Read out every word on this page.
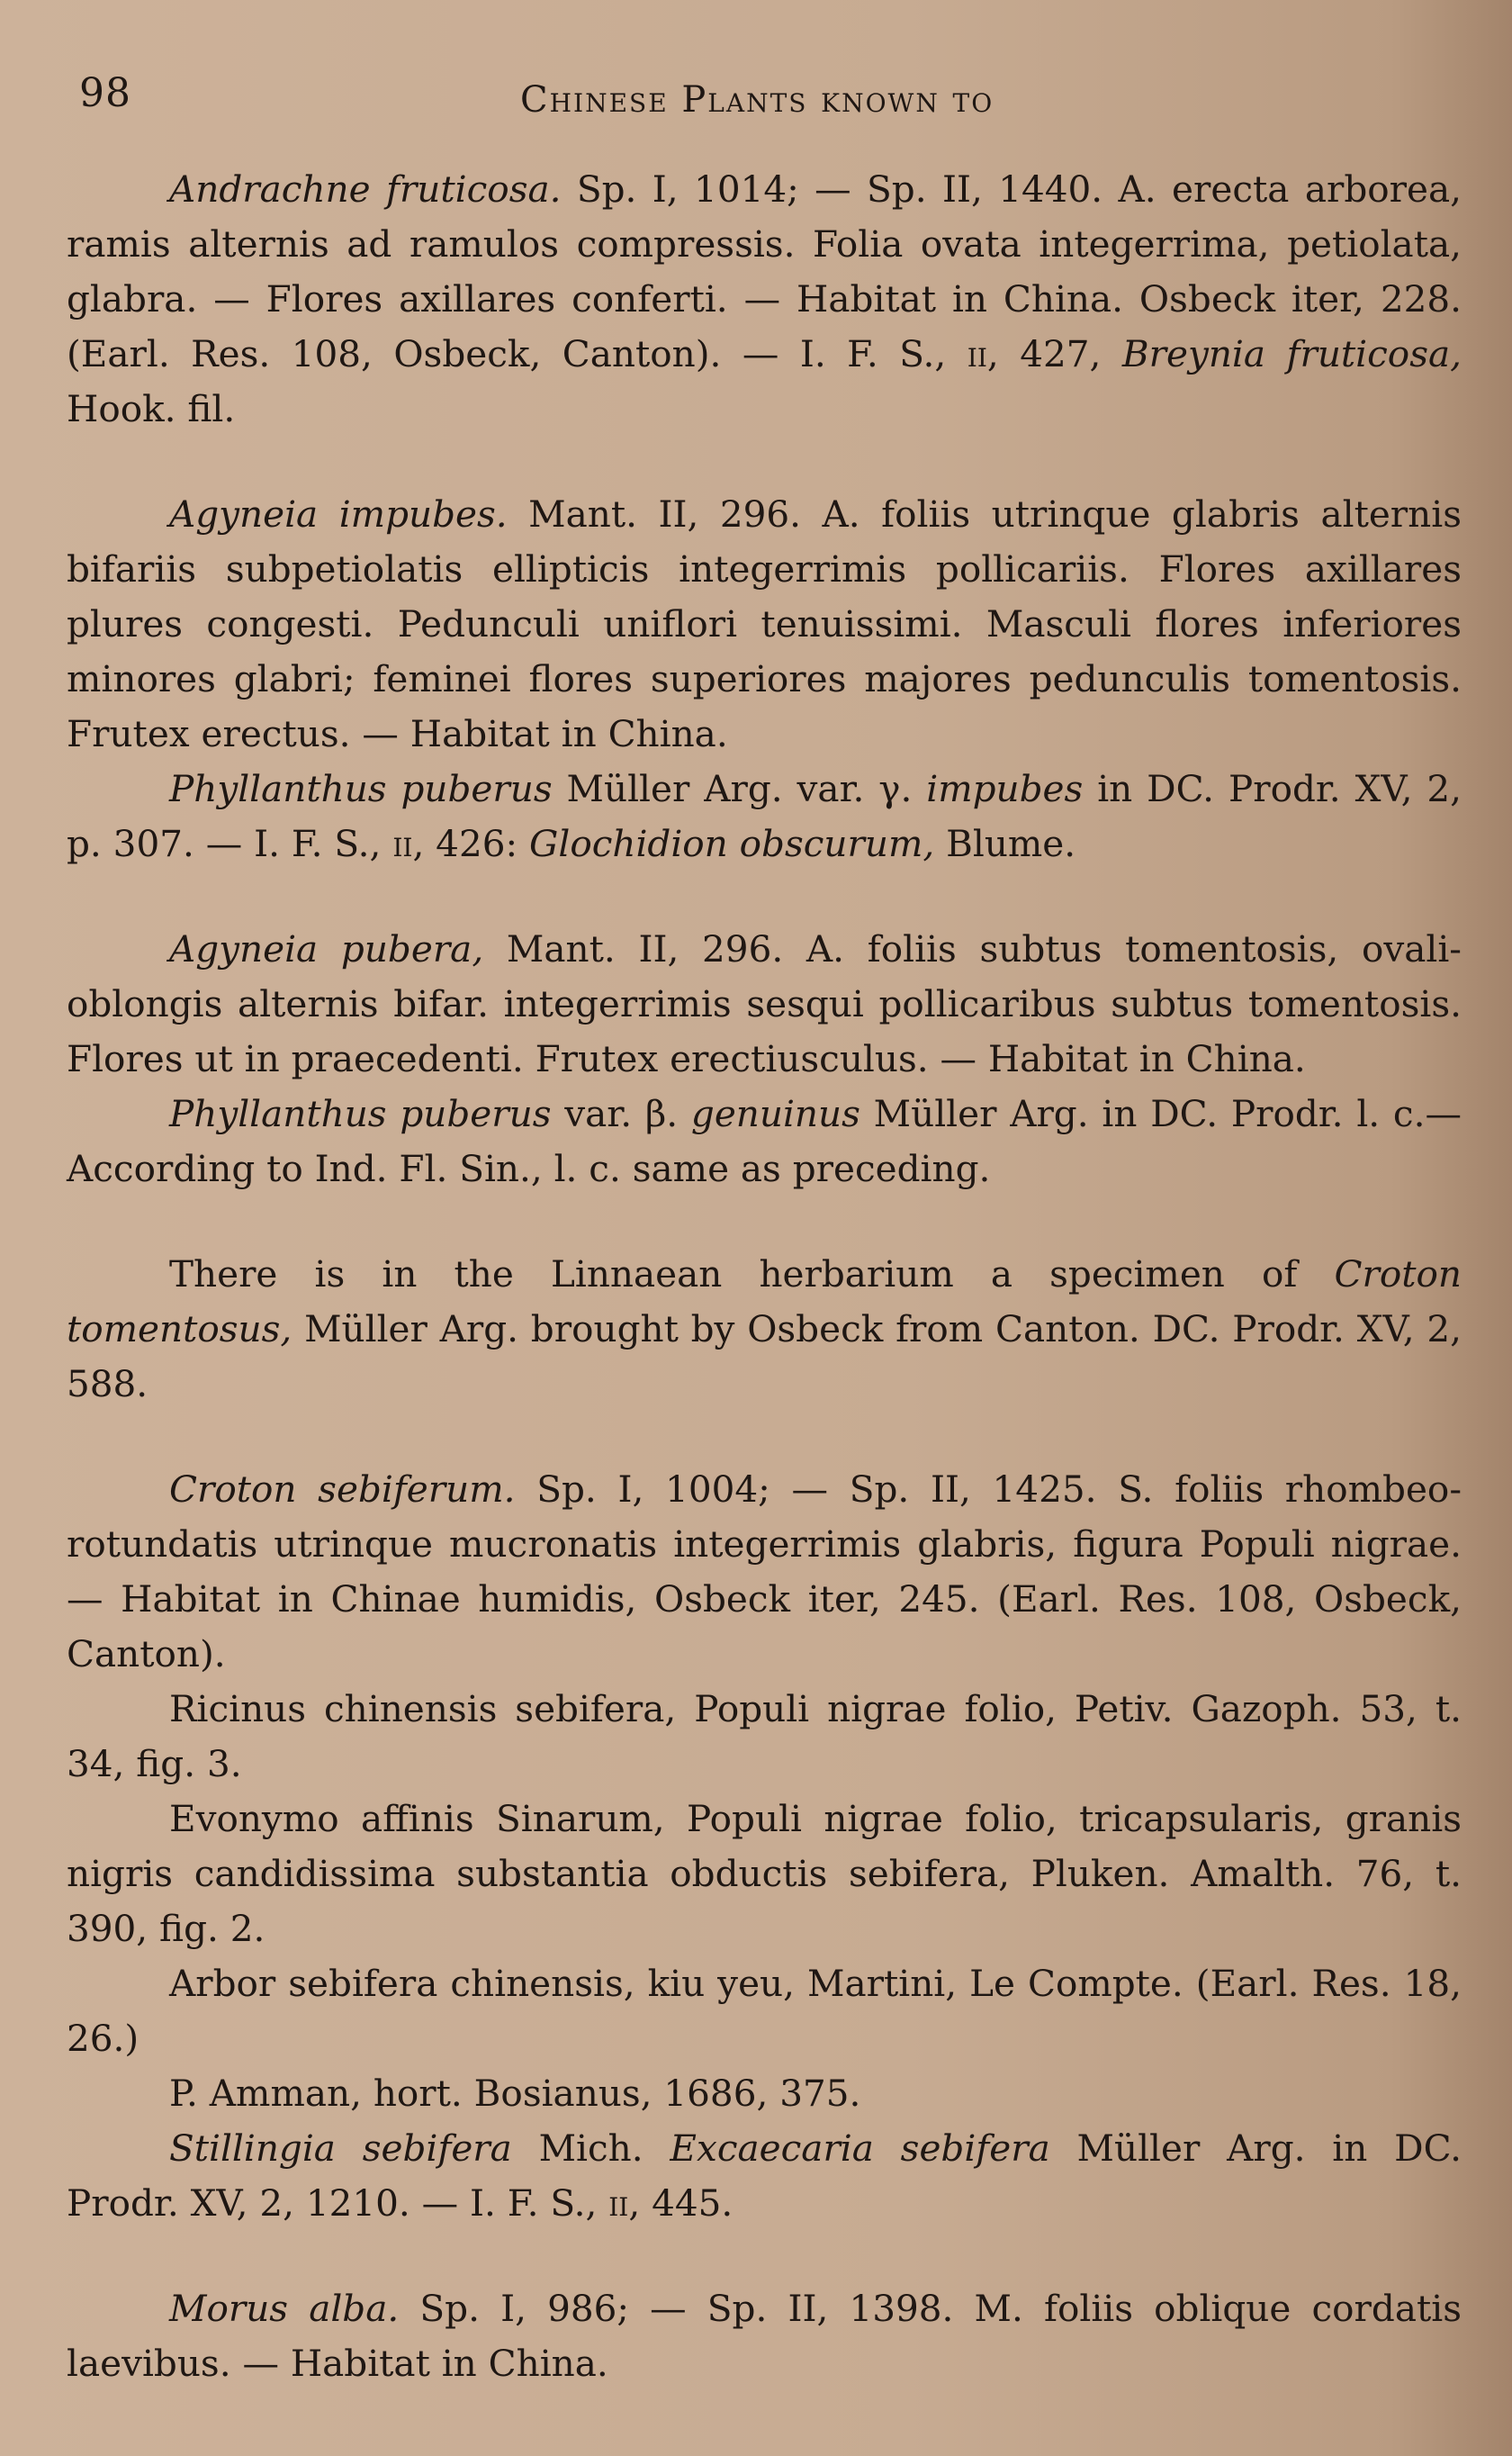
98	Chinese Plants known to

Andrachne fruticosa. Sp. I, 1014; — Sp. II, 1440. A. erecta arborea, ramis alternis ad ramulos compressis. Folia ovata integerrima, petiolata, glabra. — Flores axillares conferti. — Habitat in China. Osbeck iter, 228. (Earl. Res. 108, Osbeck, Canton). — I. F. S., ii, 427, Breynia fruticosa, Hook. fil.

Agyneia impubes. Mant. II, 296. A. foliis utrinque glabris alternis bifariis subpetiolatis ellipticis integerrimis pollicariis. Flores axillares plures congesti. Pedunculi uniflori tenuissimi. Masculi flores inferiores minores glabri; feminei flores superiores majores pedunculis tomentosis. Frutex erectus. — Habitat in China.

Phyllanthus puberus Müller Arg. var. γ. impubes in DC. Prodr. XV, 2, p. 307. — I. F. S., ii, 426: Glochidion obscurum, Blume.

Agyneia pubera, Mant. II, 296. A. foliis subtus tomentosis, ovali-oblongis alternis bifar. integerrimis sesqui pollicaribus subtus tomentosis. Flores ut in praecedenti. Frutex erectiusculus. — Habitat in China.

Phyllanthus puberus var. β. genuinus Müller Arg. in DC. Prodr. l. c.— According to Ind. Fl. Sin., l. c. same as preceding.

There is in the Linnaean herbarium a specimen of Croton tomentosus, Müller Arg. brought by Osbeck from Canton. DC. Prodr. XV, 2, 588.

Croton sebiferum. Sp. I, 1004; — Sp. II, 1425. S. foliis rhombeo-rotundatis utrinque mucronatis integerrimis glabris, figura Populi nigrae.— Habitat in Chinae humidis, Osbeck iter, 245. (Earl. Res. 108, Osbeck, Canton).

Ricinus chinensis sebifera, Populi nigrae folio, Petiv. Gazoph. 53, t. 34, fig. 3.

Evonymo affinis Sinarum, Populi nigrae folio, tricapsularis, granis nigris candidissima substantia obductis sebifera, Pluken. Amalth. 76, t. 390, fig. 2.

Arbor sebifera chinensis, kiu yeu, Martini, Le Compte. (Earl. Res. 18, 26.)

P. Amman, hort. Bosianus, 1686, 375.

Stillingia sebifera Mich. Excaecaria sebifera Müller Arg. in DC. Prodr. XV, 2, 1210. — I. F. S., ii, 445.

Morus alba. Sp. I, 986; — Sp. II, 1398. M. foliis oblique cordatis laevibus. — Habitat in China.
